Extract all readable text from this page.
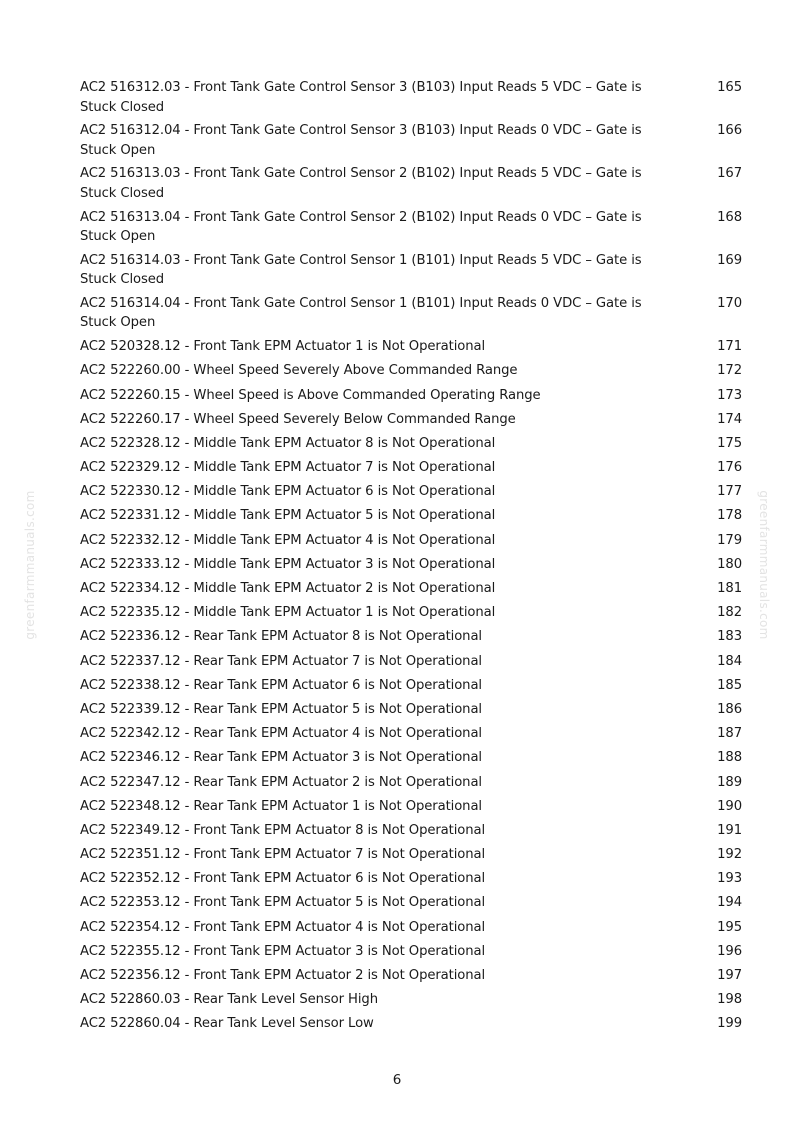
greenfarmmanuals.com	greenfarmmanuals.com
AC2 516312.03 - Front Tank Gate Control Sensor 3 (B103) Input Reads 5 VDC – Gate is Stuck Closed
165
AC2 516312.04 - Front Tank Gate Control Sensor 3 (B103) Input Reads 0 VDC – Gate is Stuck Open
166
AC2 516313.03 - Front Tank Gate Control Sensor 2 (B102) Input Reads 5 VDC – Gate is Stuck Closed
167
AC2 516313.04 - Front Tank Gate Control Sensor 2 (B102) Input Reads 0 VDC – Gate is Stuck Open
168
AC2 516314.03 - Front Tank Gate Control Sensor 1 (B101) Input Reads 5 VDC – Gate is Stuck Closed
169
AC2 516314.04 - Front Tank Gate Control Sensor 1 (B101) Input Reads 0 VDC – Gate is Stuck Open
170
AC2 520328.12 - Front Tank EPM Actuator 1 is Not Operational	171
AC2 522260.00 - Wheel Speed Severely Above Commanded Range	172
AC2 522260.15 - Wheel Speed is Above Commanded Operating Range	173
AC2 522260.17 - Wheel Speed Severely Below Commanded Range	174
AC2 522328.12 - Middle Tank EPM Actuator 8 is Not Operational	175
AC2 522329.12 - Middle Tank EPM Actuator 7 is Not Operational	176
AC2 522330.12 - Middle Tank EPM Actuator 6 is Not Operational	177
AC2 522331.12 - Middle Tank EPM Actuator 5 is Not Operational	178
AC2 522332.12 - Middle Tank EPM Actuator 4 is Not Operational	179
AC2 522333.12 - Middle Tank EPM Actuator 3 is Not Operational	180
AC2 522334.12 - Middle Tank EPM Actuator 2 is Not Operational	181
AC2 522335.12 - Middle Tank EPM Actuator 1 is Not Operational	182
AC2 522336.12 - Rear Tank EPM Actuator 8 is Not Operational	183
AC2 522337.12 - Rear Tank EPM Actuator 7 is Not Operational	184
AC2 522338.12 - Rear Tank EPM Actuator 6 is Not Operational	185
AC2 522339.12 - Rear Tank EPM Actuator 5 is Not Operational	186
AC2 522342.12 - Rear Tank EPM Actuator 4 is Not Operational	187
AC2 522346.12 - Rear Tank EPM Actuator 3 is Not Operational	188
AC2 522347.12 - Rear Tank EPM Actuator 2 is Not Operational	189
AC2 522348.12 - Rear Tank EPM Actuator 1 is Not Operational	190
AC2 522349.12 - Front Tank EPM Actuator 8 is Not Operational	191
AC2 522351.12 - Front Tank EPM Actuator 7 is Not Operational	192
AC2 522352.12 - Front Tank EPM Actuator 6 is Not Operational	193
AC2 522353.12 - Front Tank EPM Actuator 5 is Not Operational	194
AC2 522354.12 - Front Tank EPM Actuator 4 is Not Operational	195
AC2 522355.12 - Front Tank EPM Actuator 3 is Not Operational	196
AC2 522356.12 - Front Tank EPM Actuator 2 is Not Operational	197
AC2 522860.03 - Rear Tank Level Sensor High	198
AC2 522860.04 - Rear Tank Level Sensor Low	199
6
